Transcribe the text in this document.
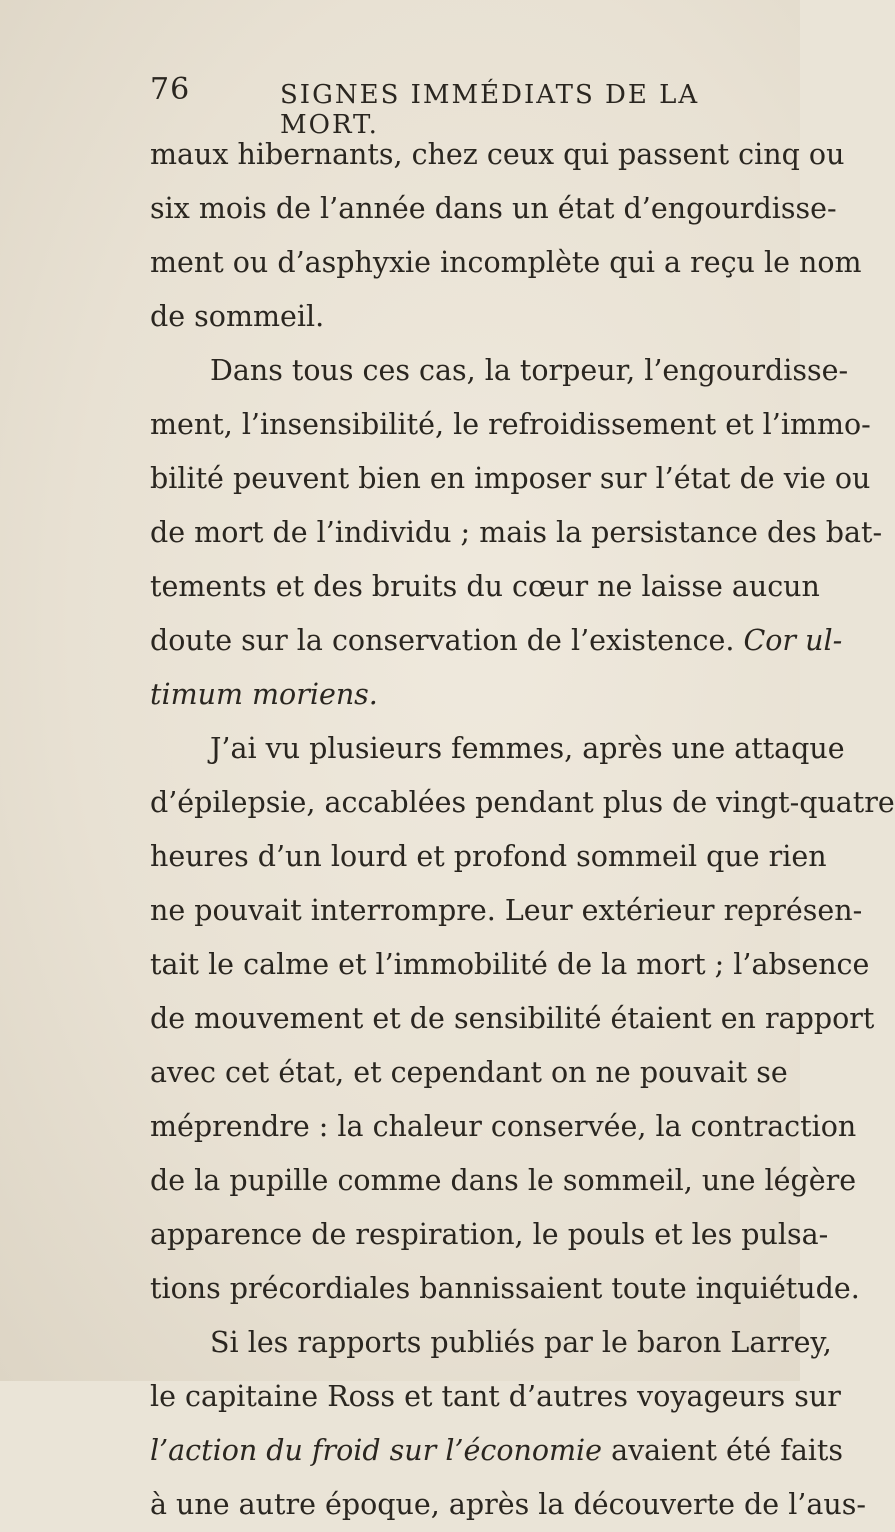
76	SIGNES IMMÉDIATS DE LA MORT.
maux hibernants, chez ceux qui passent cinq ou
six mois de l’année dans un état d’engourdisse-
ment ou d’asphyxie incomplète qui a reçu le nom
de sommeil.
Dans tous ces cas, la torpeur, l’engourdisse-
ment, l’insensibilité, le refroidissement et l’immo-
bilité peuvent bien en imposer sur l’état de vie ou
de mort de l’individu ; mais la persistance des bat-
tements et des bruits du cœur ne laisse aucun
doute sur la conservation de l’existence. Cor ul-
timum moriens.
J’ai vu plusieurs femmes, après une attaque
d’épilepsie, accablées pendant plus de vingt-quatre
heures d’un lourd et profond sommeil que rien
ne pouvait interrompre. Leur extérieur représen-
tait le calme et l’immobilité de la mort ; l’absence
de mouvement et de sensibilité étaient en rapport
avec cet état, et cependant on ne pouvait se
méprendre : la chaleur conservée, la contraction
de la pupille comme dans le sommeil, une légère
apparence de respiration, le pouls et les pulsa-
tions précordiales bannissaient toute inquiétude.
Si les rapports publiés par le baron Larrey,
le capitaine Ross et tant d’autres voyageurs sur
l’action du froid sur l’économie avaient été faits
à une autre époque, après la découverte de l’aus-
